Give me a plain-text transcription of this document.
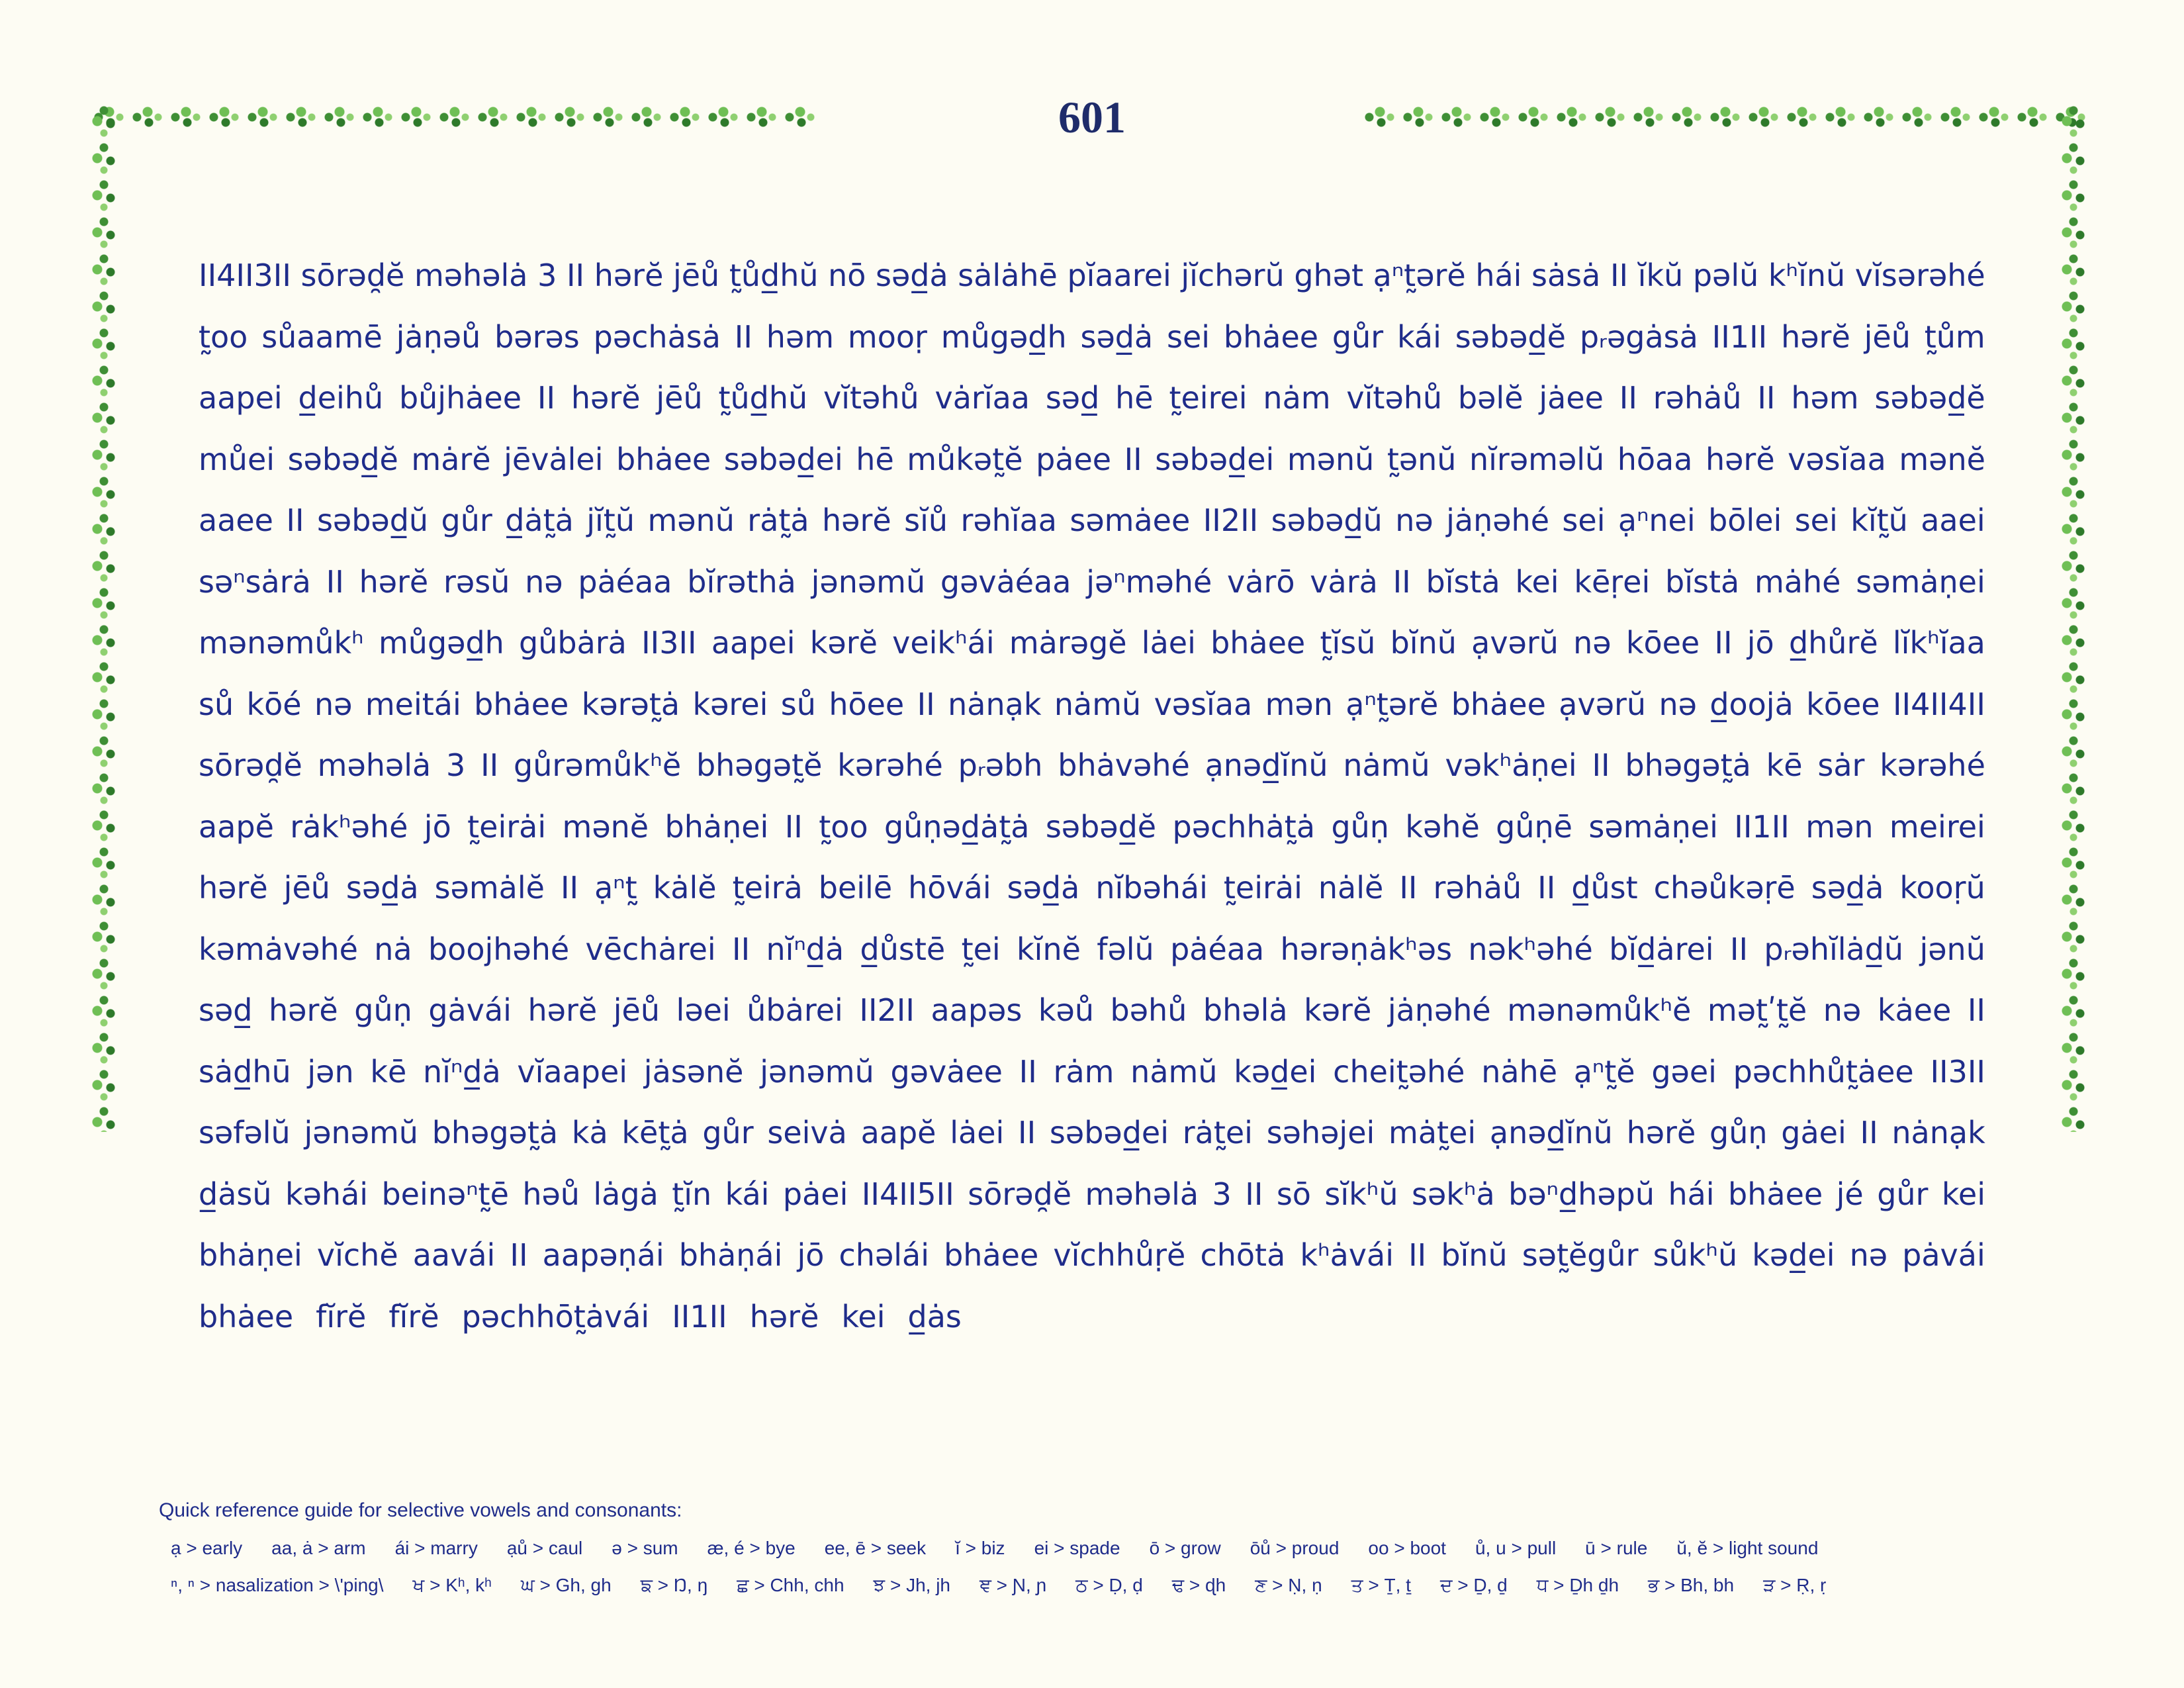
601
II4II3II sōrəd̯ĕ məhəlȧ 3 II hərĕ jēů t̰ůd̲hŭ nō səd̲ȧ sȧlȧhē pĭaarei jĭchərŭ ghət ạⁿt̰ərĕ hái sȧsȧ II ĭkŭ pəlŭ kʰĭnŭ vĭsərəhé
t̰oo sůaamē jȧṇəů bərəs pəchȧsȧ II həm mooṛ můgəd̲h səd̲ȧ sei bhȧee gůr kái səbəd̲ĕ pᵣəgȧsȧ II1II hərĕ jēů t̰ům
aapei d̲eihů bůjhȧee II hərĕ jēů t̰ůd̲hŭ vĭtəhů vȧrĭaa səd̲ hē t̰eirei nȧm vĭtəhů bəlĕ jȧee II rəhȧů II həm səbəd̲ĕ
můei səbəd̲ĕ mȧrĕ jēvȧlei bhȧee səbəd̲ei hē můkət̰ĕ pȧee II səbəd̲ei mənŭ t̰ənŭ nĭrəməlŭ hōaa hərĕ vəsĭaa mənĕ
aaee II səbəd̲ŭ gůr d̲ȧt̰ȧ jĭt̰ŭ mənŭ rȧt̰ȧ hərĕ sĭů rəhĭaa səmȧee II2II səbəd̲ŭ nə jȧṇəhé sei ạⁿnei bōlei sei kĭt̰ŭ aaei
səⁿsȧrȧ II hərĕ rəsŭ nə pȧéaa bĭrəthȧ jənəmŭ gəvȧéaa jəⁿməhé vȧrō vȧrȧ II bĭstȧ kei kēṛei bĭstȧ mȧhé səmȧṇei
mənəmůkʰ můgəd̲h gůbȧrȧ II3II aapei kərĕ veikʰái mȧrəgĕ lȧei bhȧee t̰ĭsŭ bĭnŭ ạvərŭ nə kōee II jō d̲hůrĕ lĭkʰĭaa
sů kōé nə meitái bhȧee kərət̰ȧ kərei sů hōee II nȧnạk nȧmŭ vəsĭaa mən ạⁿt̰ərĕ bhȧee ạvərŭ nə d̲oojȧ kōee II4II4II
sōrəd̯ĕ məhəlȧ 3 II gůrəmůkʰĕ bhəgət̰ĕ kərəhé pᵣəbh bhȧvəhé ạnəd̲ĭnŭ nȧmŭ vəkʰȧṇei II bhəgət̰ȧ kē sȧr kərəhé
aapĕ rȧkʰəhé jō t̰eirȧi mənĕ bhȧṇei II t̰oo gůṇəd̲ȧt̰ȧ səbəd̲ĕ pəchhȧt̰ȧ gůṇ kəhĕ gůṇē səmȧṇei II1II mən meirei
hərĕ jēů səd̲ȧ səmȧlĕ II ạⁿt̰ kȧlĕ t̰eirȧ beilē hōvái səd̲ȧ nĭbəhái t̰eirȧi nȧlĕ II rəhȧů II d̲ůst chəůkəṛē səd̲ȧ kooṛŭ
kəmȧvəhé nȧ boojhəhé vēchȧrei II nĭⁿd̲ȧ d̲ůstē t̰ei kĭnĕ fəlŭ pȧéaa hərəṇȧkʰəs nəkʰəhé bĭd̲ȧrei II pᵣəhĭlȧd̲ŭ jənŭ
səd̲ hərĕ gůṇ gȧvái hərĕ jēů ləei ůbȧrei II2II aapəs kəů bəhů bhəlȧ kərĕ jȧṇəhé mənəmůkʰĕ mət̰ʹt̰ĕ nə kȧee II
sȧd̲hū jən kē nĭⁿd̲ȧ vĭaapei jȧsənĕ jənəmŭ gəvȧee II rȧm nȧmŭ kəd̲ei cheit̰əhé nȧhē ạⁿt̰ĕ gəei pəchhůt̰ȧee II3II
səfəlŭ jənəmŭ bhəgət̰ȧ kȧ kēt̰ȧ gůr seivȧ aapĕ lȧei II səbəd̲ei rȧt̰ei səhəjei mȧt̰ei ạnəd̲ĭnŭ hərĕ gůṇ gȧei II nȧnạk
d̲ȧsŭ kəhái beinəⁿt̰ē həů lȧgȧ t̰ĭn kái pȧei II4II5II sōrəd̯ĕ məhəlȧ 3 II sō sĭkʰŭ səkʰȧ bəⁿd̲həpŭ hái bhȧee jé gůr kei
bhȧṇei vĭchĕ aavái II aapəṇái bhȧṇái jō chəlái bhȧee vĭchhůṛĕ chōtȧ kʰȧvái II bĭnŭ sət̰ĕgůr sůkʰŭ kəd̲ei nə pȧvái
bhȧee fĭrĕ fĭrĕ pəchhōt̰ȧvái II1II hərĕ kei d̲ȧs
Quick reference guide for selective vowels and consonants:
ạ > early aa, ȧ > arm ái > marry ạů > caul ə > sum æ, é > bye ee, ē > seek ĭ > biz ei > spade ō > grow ōů > proud oo > boot ů, u > pull ū > rule ŭ, ĕ > light sound
ⁿ, ⁿ > nasalization > \'ping\ ਖ > Kʰ, kʰ ਘ > Gh, gh ਙ > Ŋ, ŋ ਛ > Chh, chh ਝ > Jh, jh ਞ > Ɲ, ɲ ਠ > Ḍ, ḍ ਢ > ɖh ਣ > Ṇ, ṇ ਤ > Ṯ, ṯ ਦ > Ḏ, ḏ ਧ > Ḏh ḏh ਭ > Bh, bh ੜ > Ṛ, ṛ
